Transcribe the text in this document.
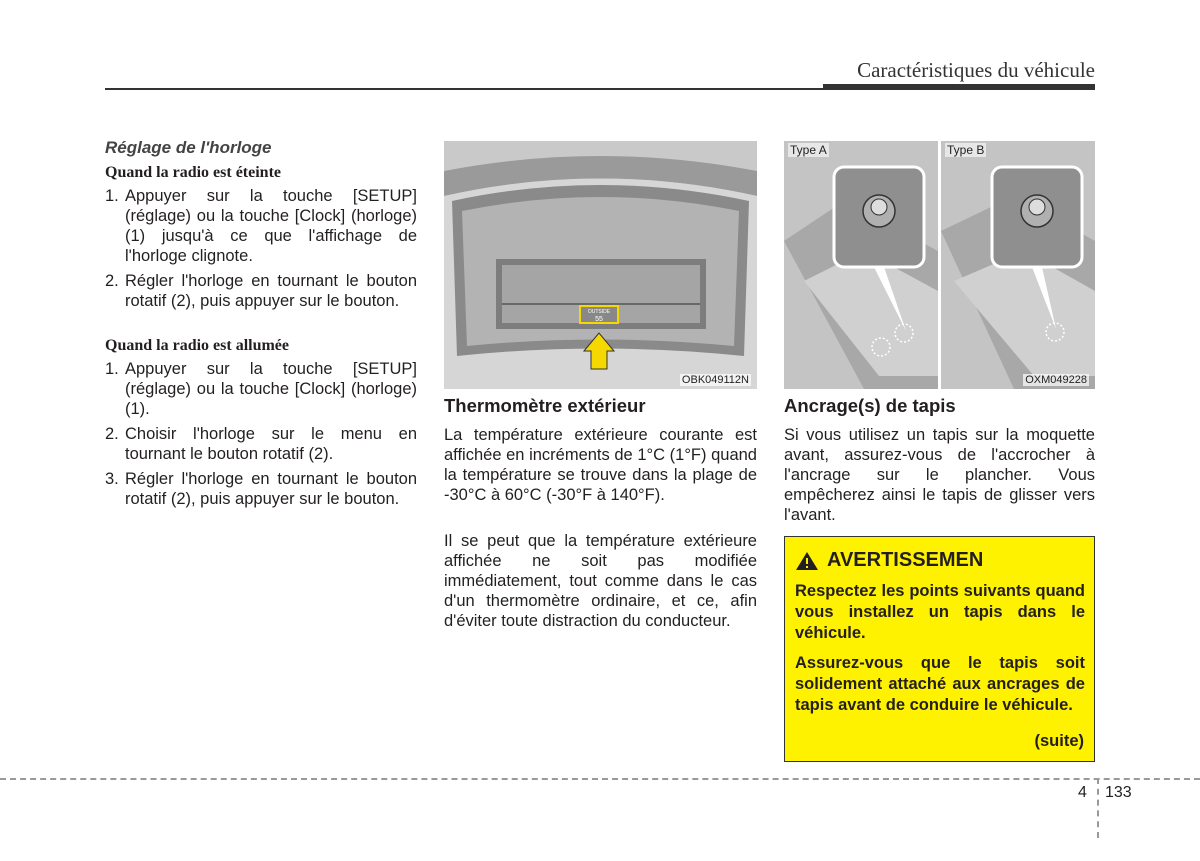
Caractéristiques du véhicule
Réglage de l'horloge
Quand la radio est éteinte
1. Appuyer sur la touche [SETUP] (réglage) ou la touche [Clock] (horloge) (1) jusqu'à ce que l'affichage de l'horloge clignote.
2. Régler l'horloge en tournant le bouton rotatif (2), puis appuyer sur le bouton.
Quand la radio est allumée
1. Appuyer sur la touche [SETUP] (réglage) ou la touche [Clock] (horloge) (1).
2. Choisir l'horloge sur le menu en tournant le bouton rotatif (2).
3. Régler l'horloge en tournant le bouton rotatif (2), puis appuyer sur le bouton.
OUTSIDE
55
OBK049112N
Thermomètre extérieur

La température extérieure courante est affichée en incréments de 1°C (1°F) quand la température se trouve dans la plage de -30°C à 60°C (-30°F à 140°F).

Il se peut que la température extérieure affichée ne soit pas modifiée immédiatement, tout comme dans le cas d'un thermomètre ordinaire, et ce, afin d'éviter toute distraction du conducteur.

Type A	Type B
OXM049228
Ancrage(s) de tapis

Si vous utilisez un tapis sur la moquette avant, assurez-vous de l'accrocher à l'ancrage sur le plancher. Vous empêcherez ainsi le tapis de glisser vers l'avant.

AVERTISSEMEN

Respectez les points suivants quand vous installez un tapis dans le véhicule.

Assurez-vous que le tapis soit solidement attaché aux ancrages de tapis avant de conduire le véhicule.

(suite)
4 133
